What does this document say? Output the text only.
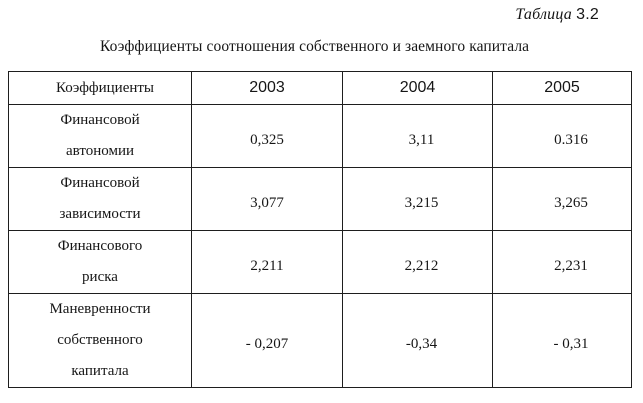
Таблица 3.2
Коэффициенты соотношения собственного и заемного капитала
Коэффициенты	2003	2004	2005

Финансовой
автономии	0,325	3,11	0.316

Финансовой
зависимости	3,077	3,215	3,265

Финансового
риска	2,211	2,212	2,231

Маневренности
собственного
капитала	- 0,207	-0,34	- 0,31
